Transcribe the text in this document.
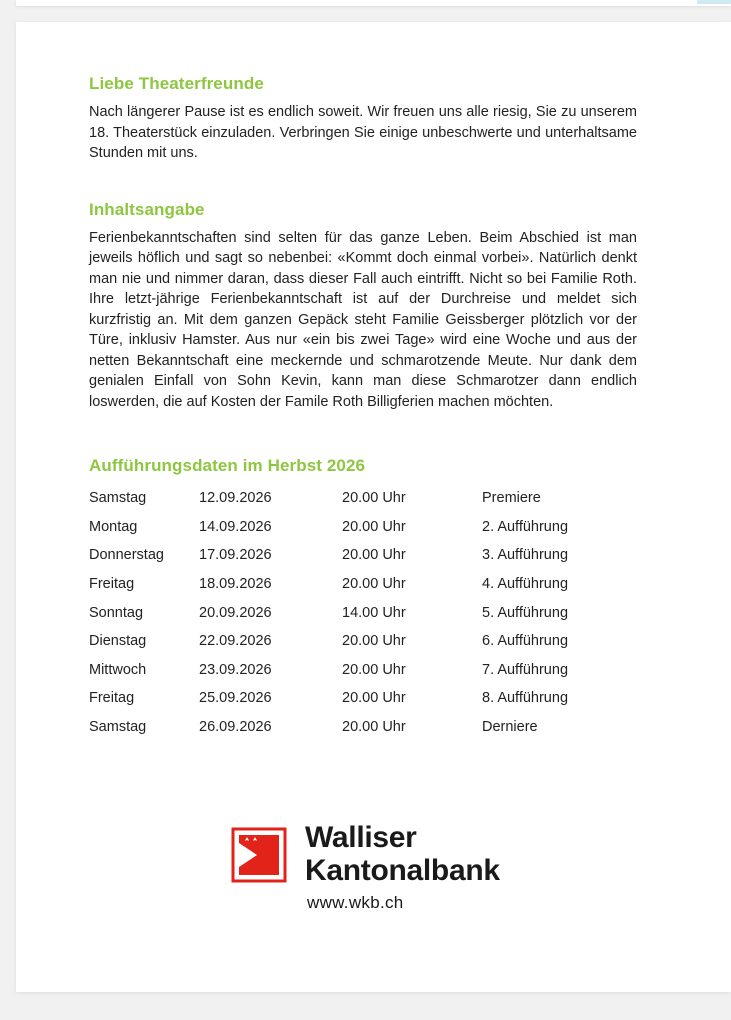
Liebe Theaterfreunde

Nach längerer Pause ist es endlich soweit. Wir freuen uns alle riesig, Sie zu unserem 18. Theaterstück einzuladen. Verbringen Sie einige unbeschwerte und unterhaltsame Stunden mit uns.

Inhaltsangabe

Ferienbekanntschaften sind selten für das ganze Leben. Beim Abschied ist man jeweils höflich und sagt so nebenbei: «Kommt doch einmal vorbei». Natürlich denkt man nie und nimmer daran, dass dieser Fall auch eintrifft. Nicht so bei Familie Roth. Ihre letzt-jährige Ferienbekanntschaft ist auf der Durchreise und meldet sich kurzfristig an. Mit dem ganzen Gepäck steht Familie Geissberger plötzlich vor der Türe, inklusiv Hamster. Aus nur «ein bis zwei Tage» wird eine Woche und aus der netten Bekanntschaft eine meckernde und schmarotzende Meute. Nur dank dem genialen Einfall von Sohn Kevin, kann man diese Schmarotzer dann endlich loswerden, die auf Kosten der Famile Roth Billigferien machen möchten.

Aufführungsdaten im Herbst 2026
Samstag	12.09.2026	20.00 Uhr	Premiere
Montag	14.09.2026	20.00 Uhr	2. Aufführung
Donnerstag	17.09.2026	20.00 Uhr	3. Aufführung
Freitag	18.09.2026	20.00 Uhr	4. Aufführung
Sonntag	20.09.2026	14.00 Uhr	5. Aufführung
Dienstag	22.09.2026	20.00 Uhr	6. Aufführung
Mittwoch	23.09.2026	20.00 Uhr	7. Aufführung
Freitag	25.09.2026	20.00 Uhr	8. Aufführung
Samstag	26.09.2026	20.00 Uhr	Derniere
Walliser
Kantonalbank
www.wkb.ch
